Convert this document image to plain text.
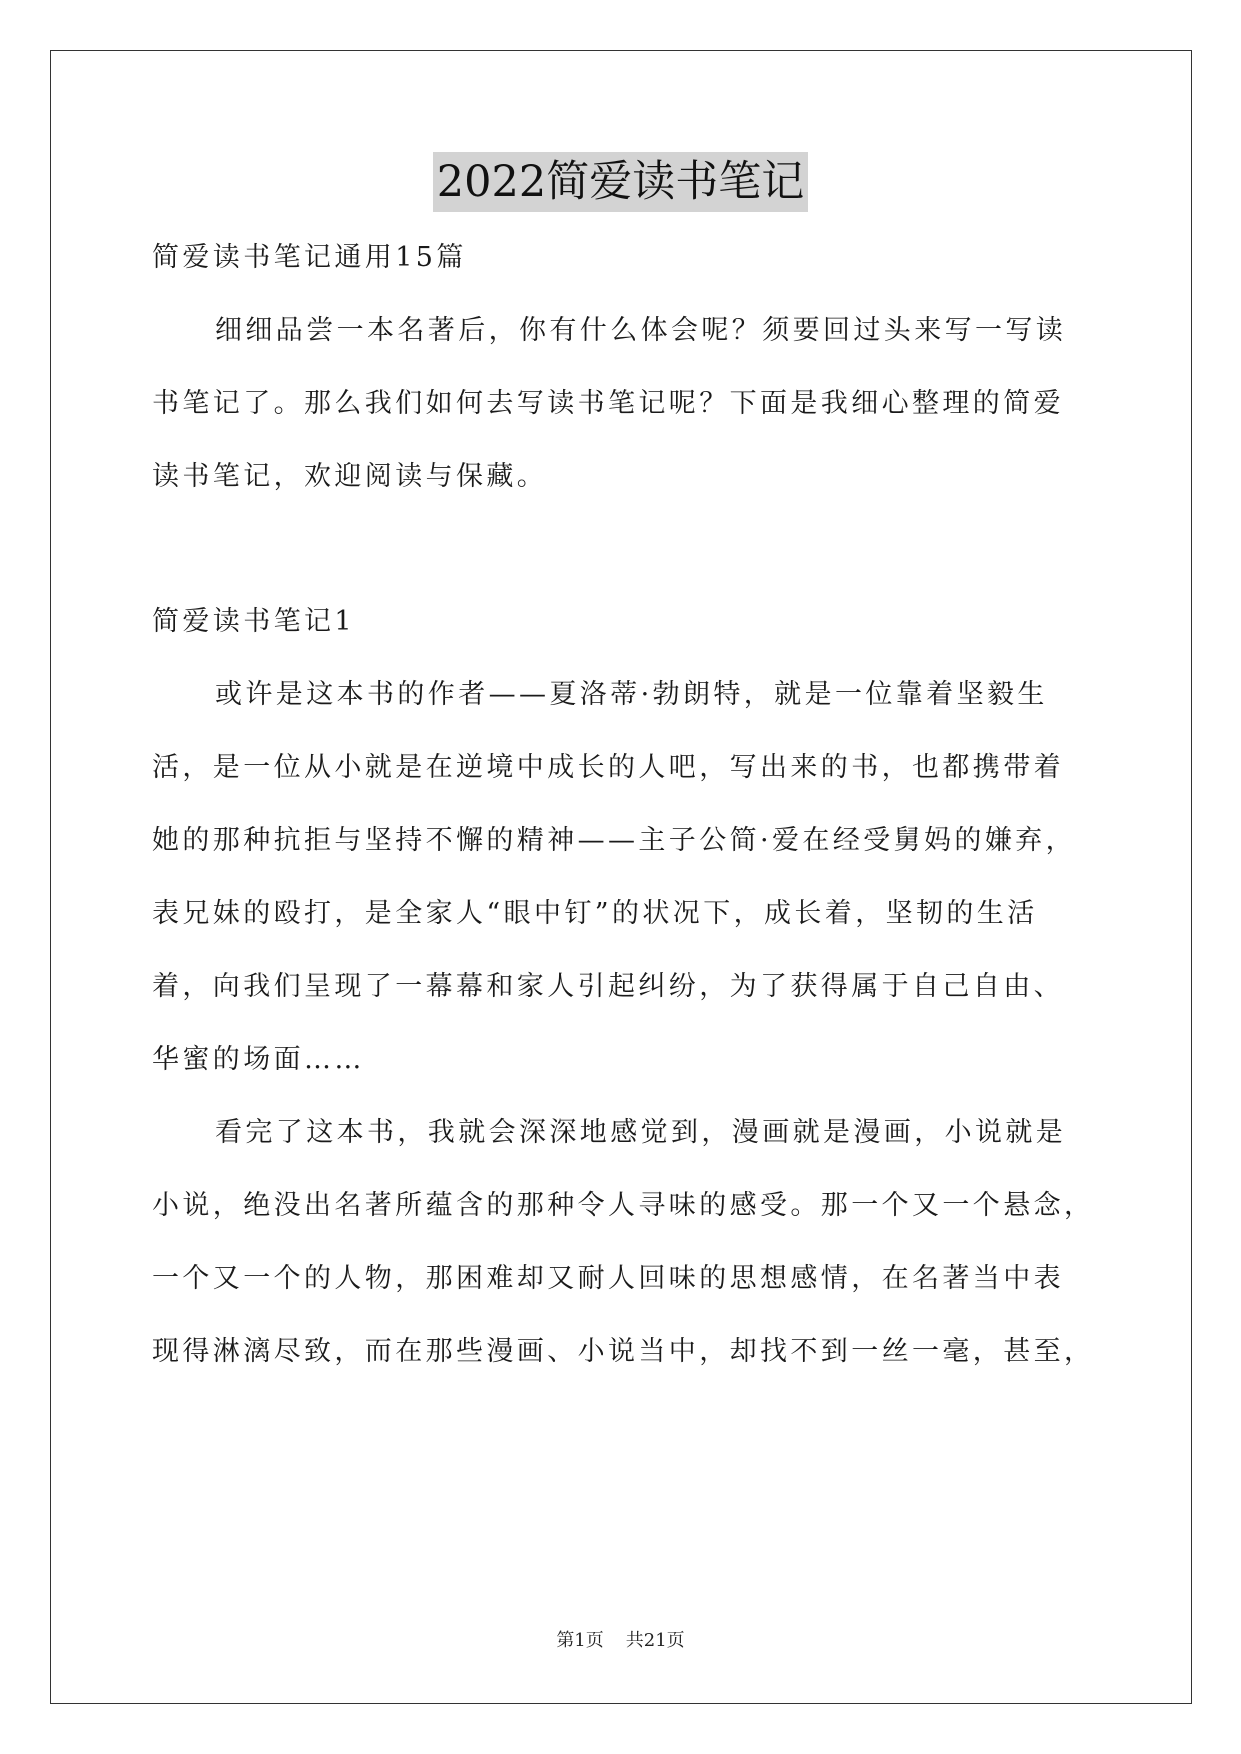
2022简爱读书笔记
简爱读书笔记通用15篇
细细品尝一本名著后，你有什么体会呢？须要回过头来写一写读
书笔记了。那么我们如何去写读书笔记呢？下面是我细心整理的简爱
读书笔记，欢迎阅读与保藏。
简爱读书笔记1
或许是这本书的作者——夏洛蒂·勃朗特，就是一位靠着坚毅生
活，是一位从小就是在逆境中成长的人吧，写出来的书，也都携带着
她的那种抗拒与坚持不懈的精神——主子公简·爱在经受舅妈的嫌弃，
表兄妹的殴打，是全家人“眼中钉”的状况下，成长着，坚韧的生活
着，向我们呈现了一幕幕和家人引起纠纷，为了获得属于自己自由、
华蜜的场面……
看完了这本书，我就会深深地感觉到，漫画就是漫画，小说就是
小说，绝没出名著所蕴含的那种令人寻味的感受。那一个又一个悬念，
一个又一个的人物，那困难却又耐人回味的思想感情，在名著当中表
现得淋漓尽致，而在那些漫画、小说当中，却找不到一丝一毫，甚至，
第1页 共21页
